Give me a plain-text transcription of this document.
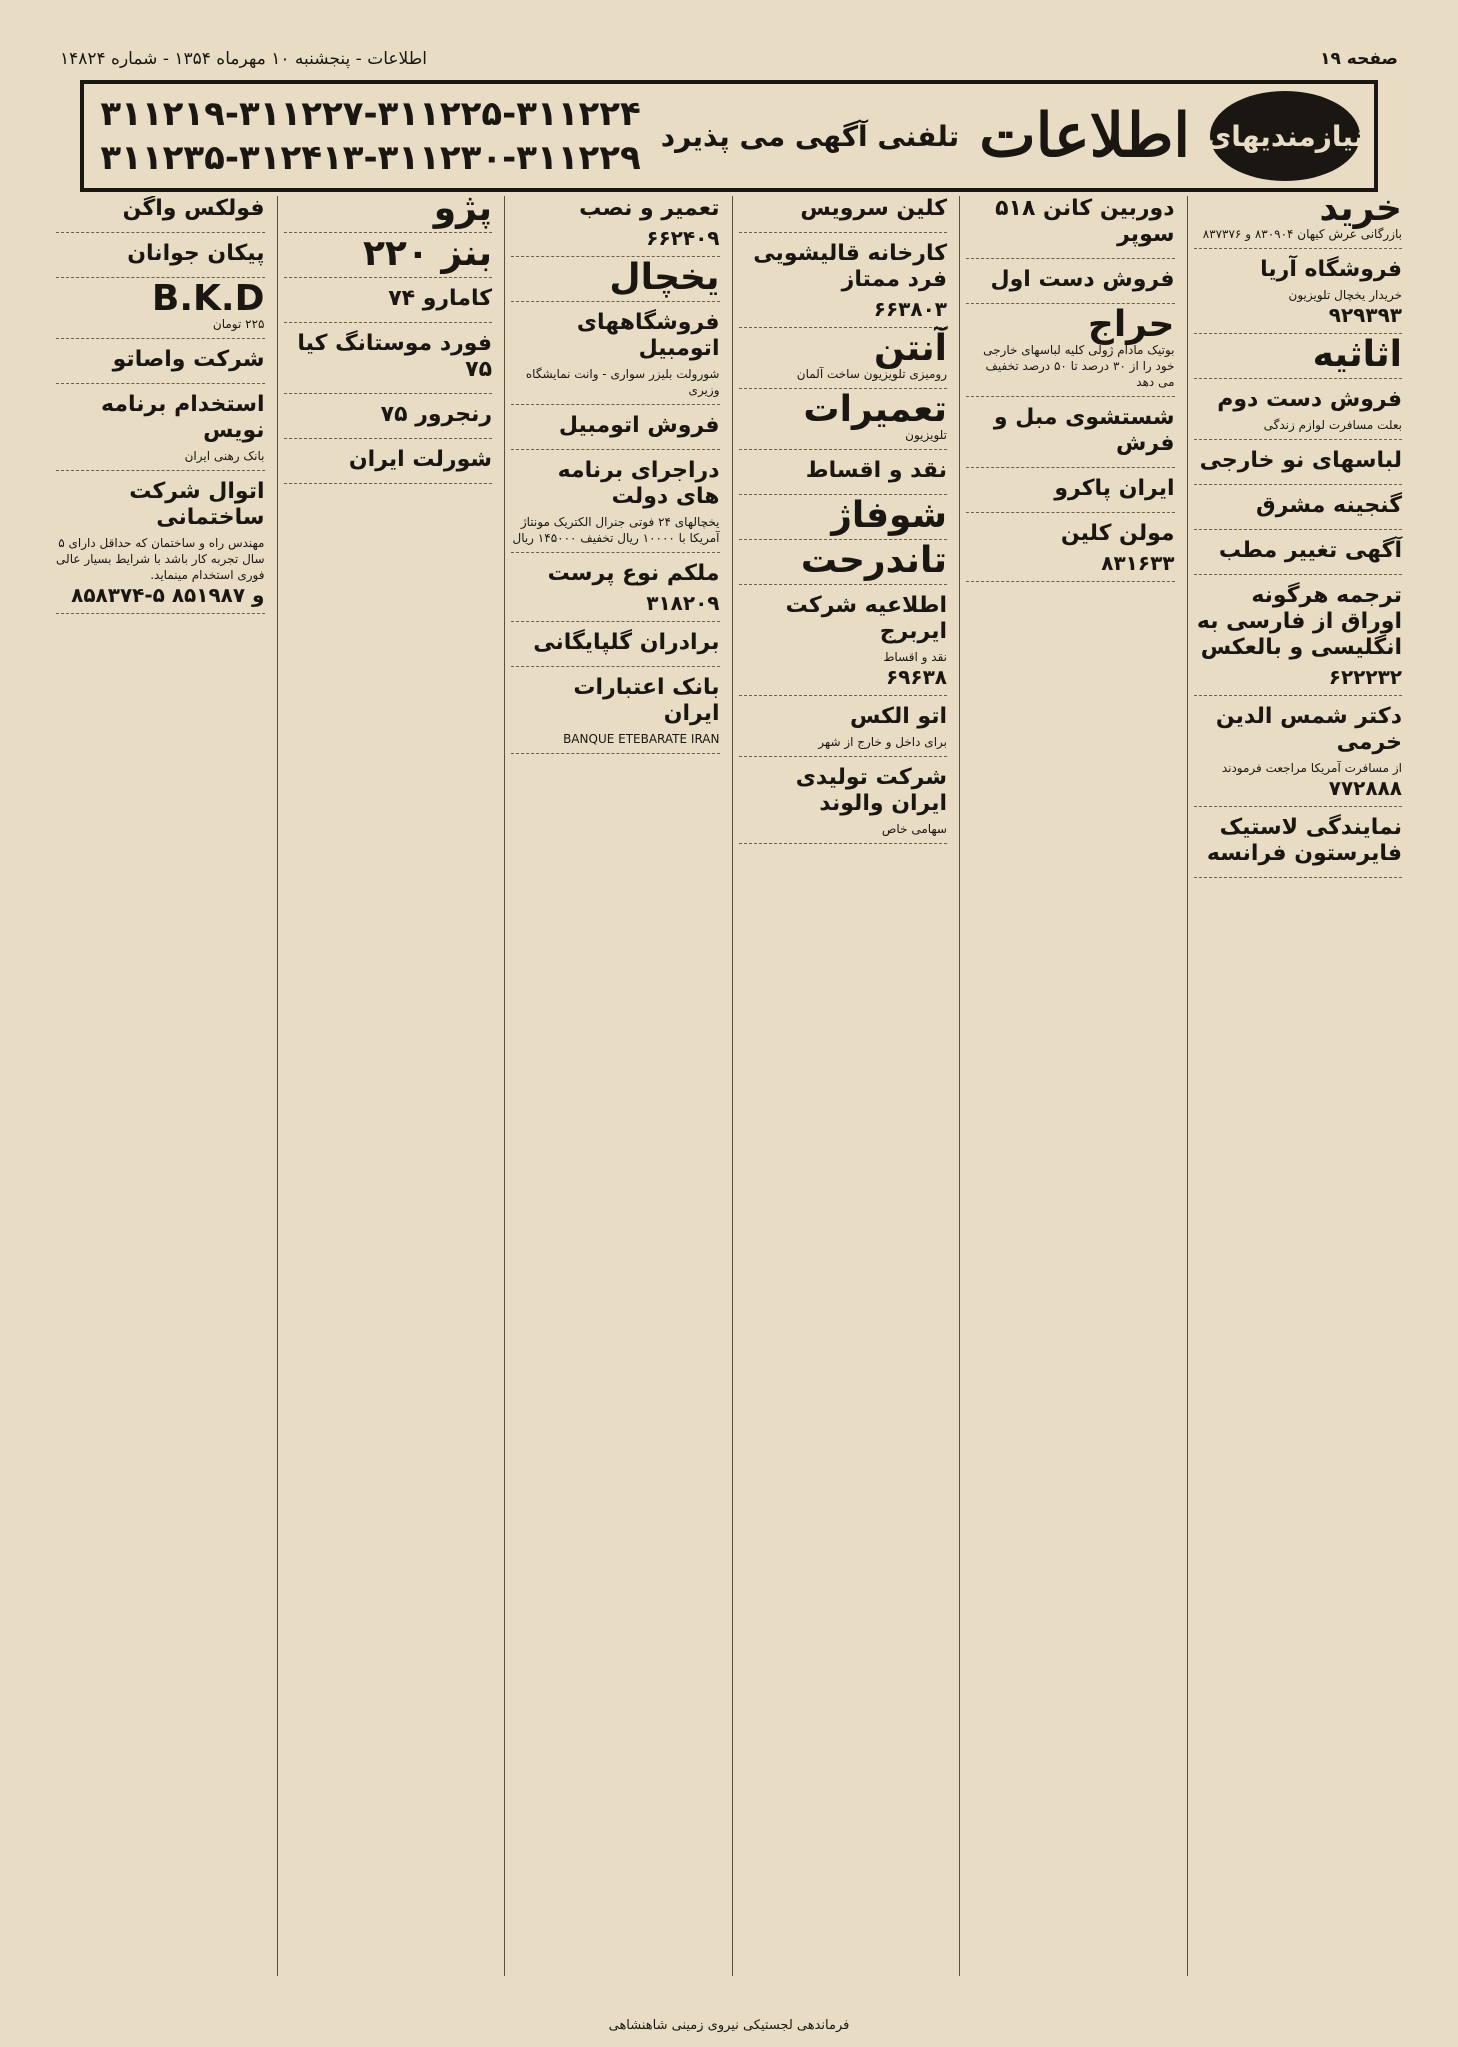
صفحه ۱۹
اطلاعات - پنجشنبه ۱۰ مهرماه ۱۳۵۴ - شماره ۱۴۸۲۴
نیازمندیهای
اطلاعات
تلفنی آگهی می پذیرد
۳۱۱۲۱۹-۳۱۱۲۲۷-۳۱۱۲۲۵-۳۱۱۲۲۴
۳۱۱۲۳۵-۳۱۲۴۱۳-۳۱۱۲۳۰-۳۱۱۲۲۹
خرید

بازرگانی عرش کیهان ۸۳۰۹۰۴ و ۸۳۷۳۷۶

فروشگاه آریا

خریدار یخچال تلویزیون

۹۲۹۳۹۳
اثاثیه
فروش دست دوم

بعلت مسافرت لوازم زندگی

لباسهای نو خارجی
گنجینه مشرق
آگهی تغییر مطب
ترجمه هرگونه اوراق از فارسی به انگلیسی و بالعکس
۶۲۲۲۳۲
دکتر شمس الدین خرمی

از مسافرت آمریکا مراجعت فرمودند

۷۷۲۸۸۸
نمایندگی لاستیک فایرستون فرانسه
دوربین کانن ۵۱۸ سوپر
فروش دست اول
حراج

بوتیک مادام ژولی کلیه لباسهای خارجی خود را از ۳۰ درصد تا ۵۰ درصد تخفیف می دهد

شستشوی مبل و فرش
ایران پاکرو
مولن کلین
۸۳۱۶۳۳
کلین سرویس
کارخانه قالیشویی فرد ممتاز
۶۶۳۸۰۳
آنتن

رومیزی تلویزیون ساخت آلمان

تعمیرات

تلویزیون

نقد و اقساط
شوفاژ
تاندرحت
اطلاعیه شرکت ایربرج

نقد و اقساط

۶۹۶۳۸
اتو الکس

برای داخل و خارج از شهر

شرکت تولیدی ایران والوند

سهامی خاص

تعمیر و نصب
۶۶۲۴۰۹
یخچال
فروشگاههای اتومبیل

شورولت بلیزر سواری - وانت نمایشگاه وزیری

فروش اتومبیل
دراجرای برنامه های دولت

یخچالهای ۲۴ فوتی جنرال الکتریک مونتاژ آمریکا با ۱۰۰۰۰ ریال تخفیف ۱۴۵۰۰۰ ریال

ملکم نوع پرست
۳۱۸۲۰۹
برادران گلپایگانی
بانک اعتبارات ایران

BANQUE ETEBARATE IRAN

پژو
بنز ۲۲۰
کامارو ۷۴
فورد موستانگ کیا ۷۵
رنجرور ۷۵
شورلت ایران
فولکس واگن
پیکان جوانان
B.K.D

۲۲۵ تومان

شرکت واصاتو
استخدام برنامه نویس

بانک رهنی ایران

اتوال شرکت ساختمانی

مهندس راه و ساختمان که حداقل دارای ۵ سال تجربه کار باشد با شرایط بسیار عالی فوری استخدام مینماید.

۸۵۸۳۷۴-۵ و ۸۵۱۹۸۷
فرماندهی لجستیکی نیروی زمینی شاهنشاهی
